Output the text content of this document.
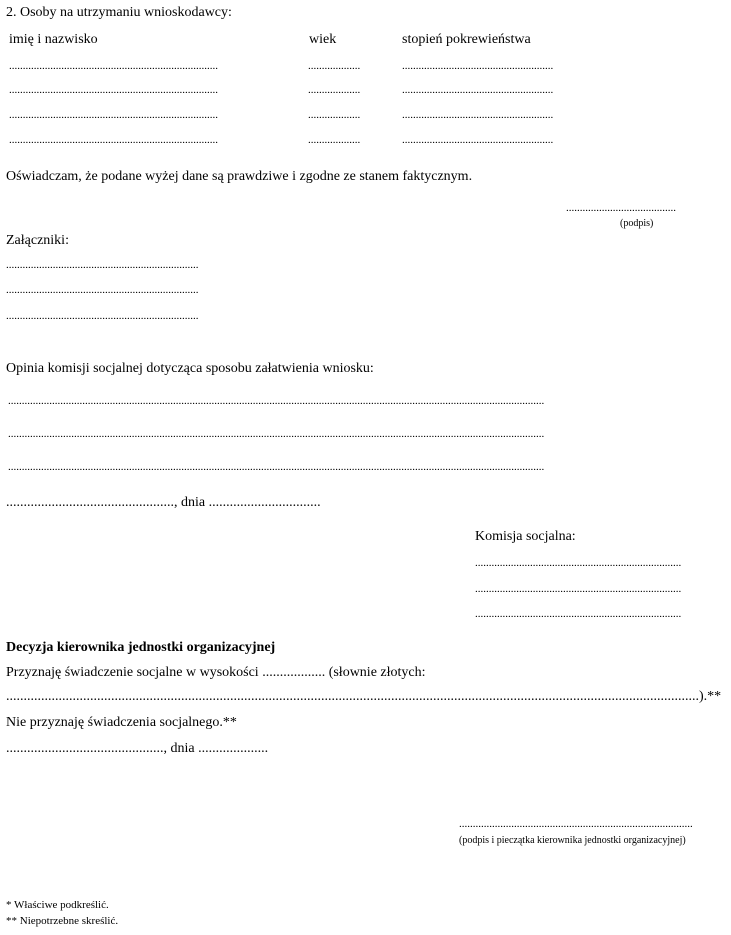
2. Osoby na utrzymaniu wnioskodawcy:
imię i nazwisko	wiek	stopień pokrewieństwa
............................................................................	...................	.......................................................
............................................................................	...................	.......................................................
............................................................................	...................	.......................................................
............................................................................	...................	.......................................................
Oświadczam, że podane wyżej dane są prawdziwe i zgodne ze stanem faktycznym.
........................................
(podpis)
Załączniki:
......................................................................
......................................................................
......................................................................
Opinia komisji socjalnej dotycząca sposobu załatwienia wniosku:
...................................................................................................................................................................................................
...................................................................................................................................................................................................
...................................................................................................................................................................................................
................................................, dnia ................................
Komisja socjalna:
...........................................................................
...........................................................................
...........................................................................
Decyzja kierownika jednostki organizacyjnej
Przyznaję świadczenie socjalne w wysokości .................. (słownie złotych:
......................................................................................................................................................................................................).**
Nie przyznaję świadczenia socjalnego.**
............................................., dnia ....................
.....................................................................................
(podpis i pieczątka kierownika jednostki organizacyjnej)
* Właściwe podkreślić.
** Niepotrzebne skreślić.
